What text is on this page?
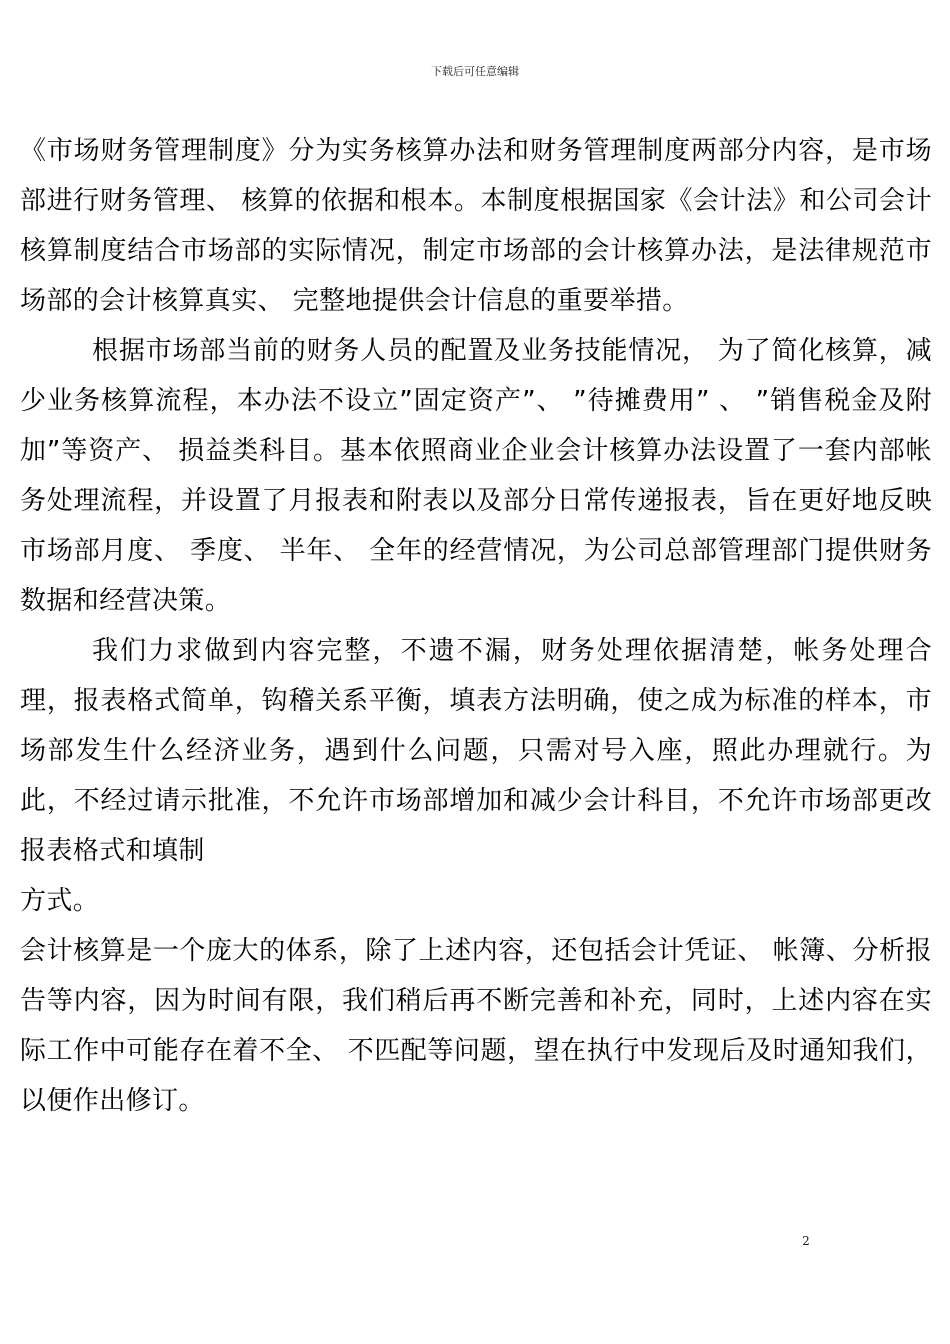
下载后可任意编辑

《市场财务管理制度》分为实务核算办法和财务管理制度两部分内容，是市场部进行财务管理、 核算的依据和根本。本制度根据国家《会计法》和公司会计核算制度结合市场部的实际情况，制定市场部的会计核算办法，是法律规范市场部的会计核算真实、 完整地提供会计信息的重要举措。

根据市场部当前的财务人员的配置及业务技能情况， 为了简化核算，减少业务核算流程，本办法不设立”固定资产”、 ”待摊费用” 、 ”销售税金及附加”等资产、 损益类科目。基本依照商业企业会计核算办法设置了一套内部帐务处理流程，并设置了月报表和附表以及部分日常传递报表，旨在更好地反映市场部月度、 季度、 半年、 全年的经营情况，为公司总部管理部门提供财务数据和经营决策。

我们力求做到内容完整，不遗不漏，财务处理依据清楚，帐务处理合理，报表格式简单，钩稽关系平衡，填表方法明确，使之成为标准的样本，市场部发生什么经济业务，遇到什么问题，只需对号入座，照此办理就行。为此，不经过请示批准，不允许市场部增加和减少会计科目，不允许市场部更改报表格式和填制

方式。

会计核算是一个庞大的体系，除了上述内容，还包括会计凭证、 帐簿、分析报告等内容，因为时间有限，我们稍后再不断完善和补充，同时，上述内容在实际工作中可能存在着不全、 不匹配等问题，望在执行中发现后及时通知我们，以便作出修订。

2
